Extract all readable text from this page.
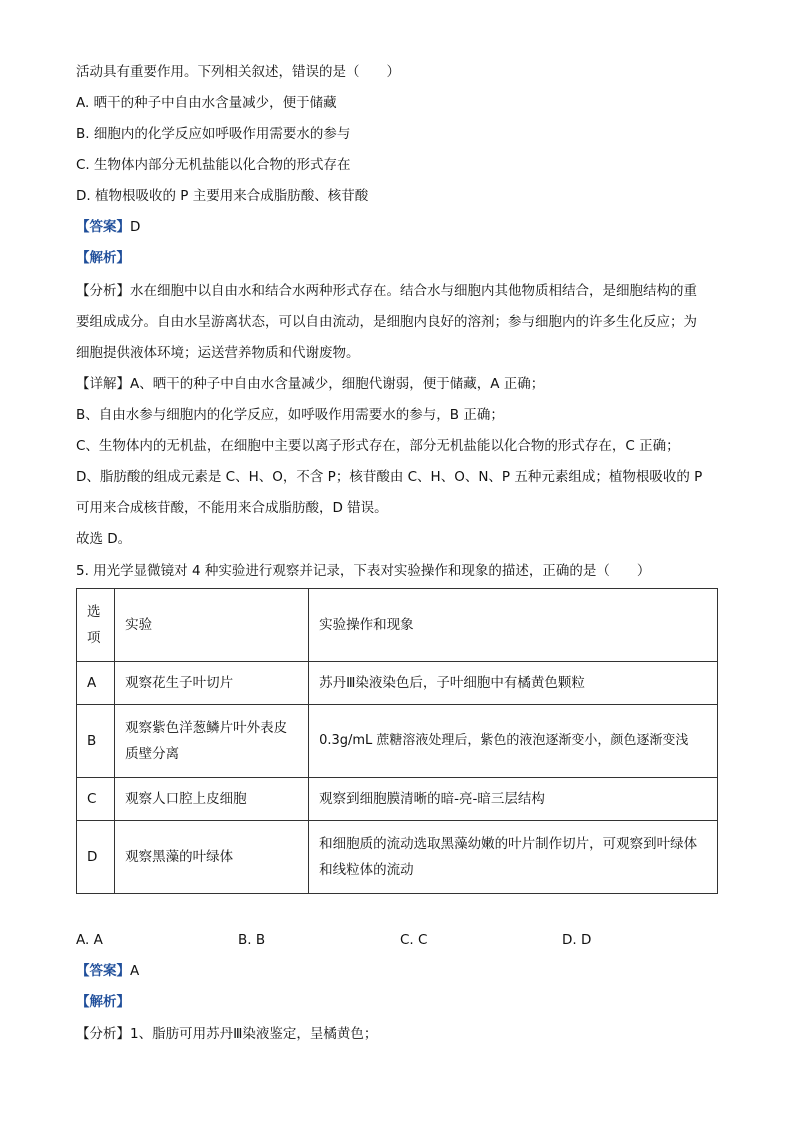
活动具有重要作用。下列相关叙述，错误的是（　　）
A. 晒干的种子中自由水含量减少，便于储藏
B. 细胞内的化学反应如呼吸作用需要水的参与
C. 生物体内部分无机盐能以化合物的形式存在
D. 植物根吸收的 P 主要用来合成脂肪酸、核苷酸
【答案】D
【解析】
【分析】水在细胞中以自由水和结合水两种形式存在。结合水与细胞内其他物质相结合，是细胞结构的重
要组成成分。自由水呈游离状态，可以自由流动，是细胞内良好的溶剂；参与细胞内的许多生化反应；为
细胞提供液体环境；运送营养物质和代谢废物。
【详解】A、晒干的种子中自由水含量减少，细胞代谢弱，便于储藏，A 正确；
B、自由水参与细胞内的化学反应，如呼吸作用需要水的参与，B 正确；
C、生物体内的无机盐，在细胞中主要以离子形式存在，部分无机盐能以化合物的形式存在，C 正确；
D、脂肪酸的组成元素是 C、H、O，不含 P；核苷酸由 C、H、O、N、P 五种元素组成；植物根吸收的 P
可用来合成核苷酸，不能用来合成脂肪酸，D 错误。
故选 D。
5. 用光学显微镜对 4 种实验进行观察并记录，下表对实验操作和现象的描述，正确的是（　　）
选项	实验	实验操作和现象
A	观察花生子叶切片	苏丹Ⅲ染液染色后，子叶细胞中有橘黄色颗粒
B	观察紫色洋葱鳞片叶外表皮质壁分离	0.3g/mL 蔗糖溶液处理后，紫色的液泡逐渐变小，颜色逐渐变浅
C	观察人口腔上皮细胞	观察到细胞膜清晰的暗-亮-暗三层结构
D	观察黑藻的叶绿体	和细胞质的流动选取黑藻幼嫩的叶片制作切片，可观察到叶绿体和线粒体的流动
A. A	B. B	C. C	D. D
【答案】A
【解析】
【分析】1、脂肪可用苏丹Ⅲ染液鉴定，呈橘黄色；
